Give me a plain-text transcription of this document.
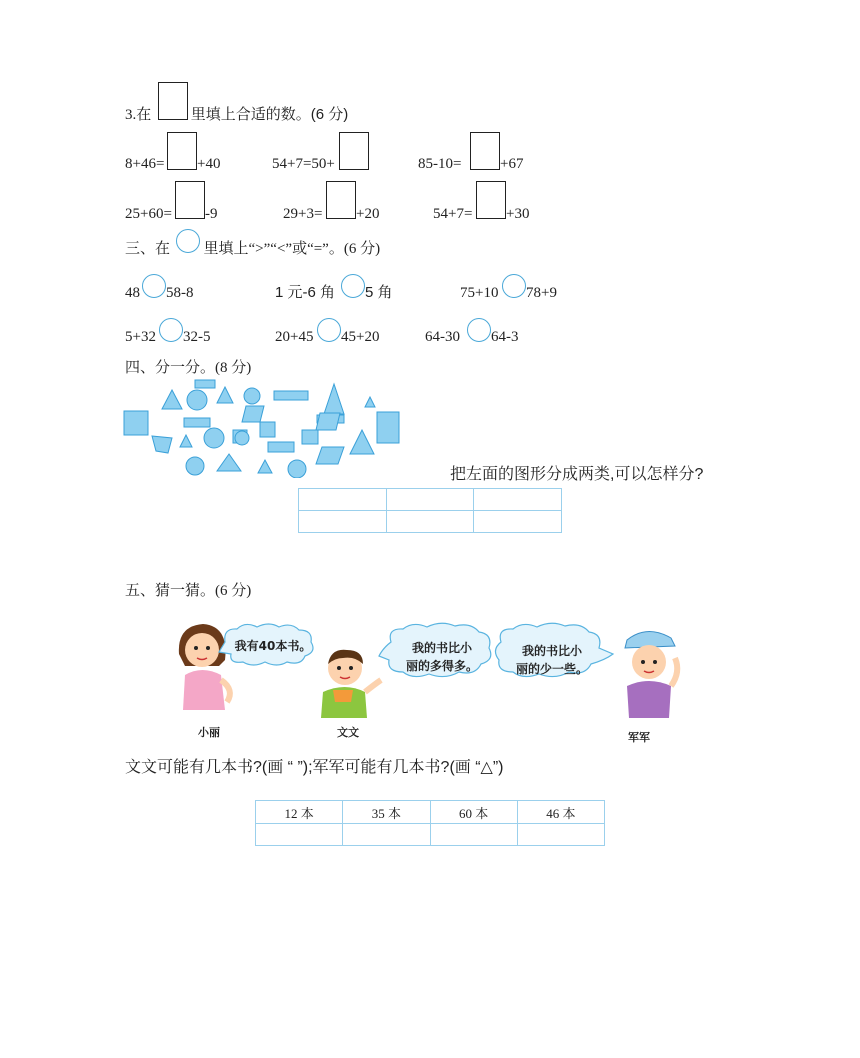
3.在	里填上合适的数。(6 分)
8+46= +40	54+7=50+	85-10=	+67
25+60= -9	29+3= +20	54+7= +30
三、在 里填上“>”“<”或“=”。(6 分)
48 58-8	1 元-6 角 5 角	75+10 78+9
5+32 32-5	20+45 45+20	64-30 64-3
四、分一分。(8 分)
把左面的图形分成两类,可以怎样分?

五、猜一猜。(6 分)
我有40本书。	我的书比小
丽的多得多。
我的书比小
丽的少一些。
小丽	文文	军军
文文可能有几本书?(画 “ ”);军军可能有几本书?(画 “△”)
12 本	35 本	60 本	46 本
